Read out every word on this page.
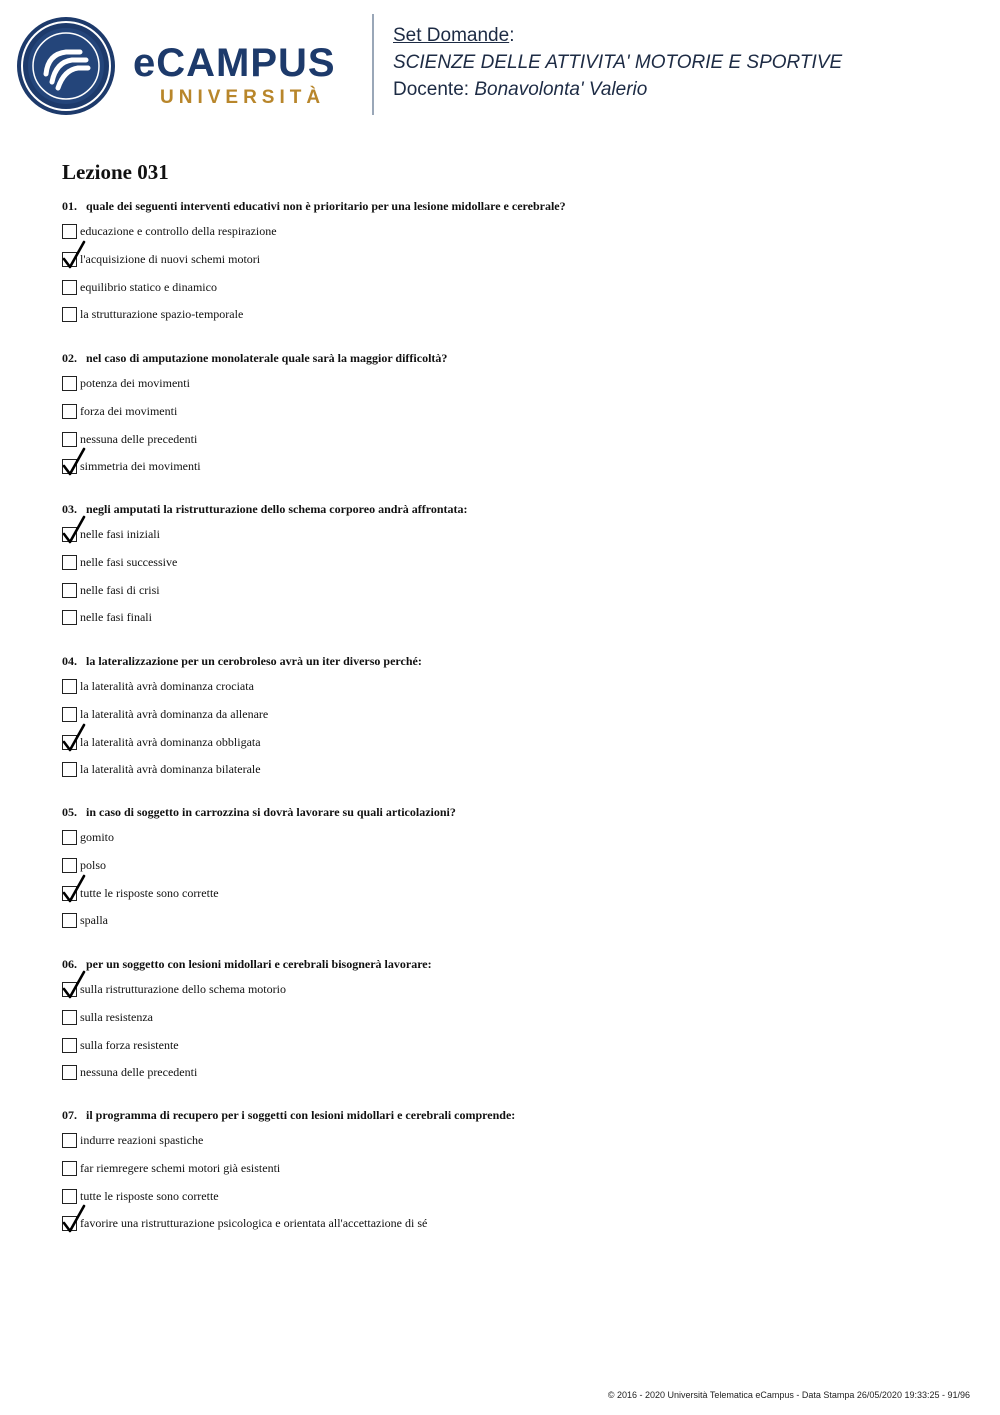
eCAMPUS
UNIVERSITÀ
Set Domande:
SCIENZE DELLE ATTIVITA' MOTORIE E SPORTIVE
Docente: Bonavolonta' Valerio
Lezione 031
01. quale dei seguenti interventi educativi non è prioritario per una lesione midollare e cerebrale?
educazione e controllo della respirazione
l'acquisizione di nuovi schemi motori
equilibrio statico e dinamico
la strutturazione spazio-temporale
02. nel caso di amputazione monolaterale quale sarà la maggior difficoltà?
potenza dei movimenti
forza dei movimenti
nessuna delle precedenti
simmetria dei movimenti
03. negli amputati la ristrutturazione dello schema corporeo andrà affrontata:
nelle fasi iniziali
nelle fasi successive
nelle fasi di crisi
nelle fasi finali
04. la lateralizzazione per un cerobroleso avrà un iter diverso perché:
la lateralità avrà dominanza crociata
la lateralità avrà dominanza da allenare
la lateralità avrà dominanza obbligata
la lateralità avrà dominanza bilaterale
05. in caso di soggetto in carrozzina si dovrà lavorare su quali articolazioni?
gomito
polso
tutte le risposte sono corrette
spalla
06. per un soggetto con lesioni midollari e cerebrali bisognerà lavorare:
sulla ristrutturazione dello schema motorio
sulla resistenza
sulla forza resistente
nessuna delle precedenti
07. il programma di recupero per i soggetti con lesioni midollari e cerebrali comprende:
indurre reazioni spastiche
far riemregere schemi motori già esistenti
tutte le risposte sono corrette
favorire una ristrutturazione psicologica e orientata all'accettazione di sé
© 2016 - 2020 Università Telematica eCampus - Data Stampa 26/05/2020 19:33:25 - 91/96
